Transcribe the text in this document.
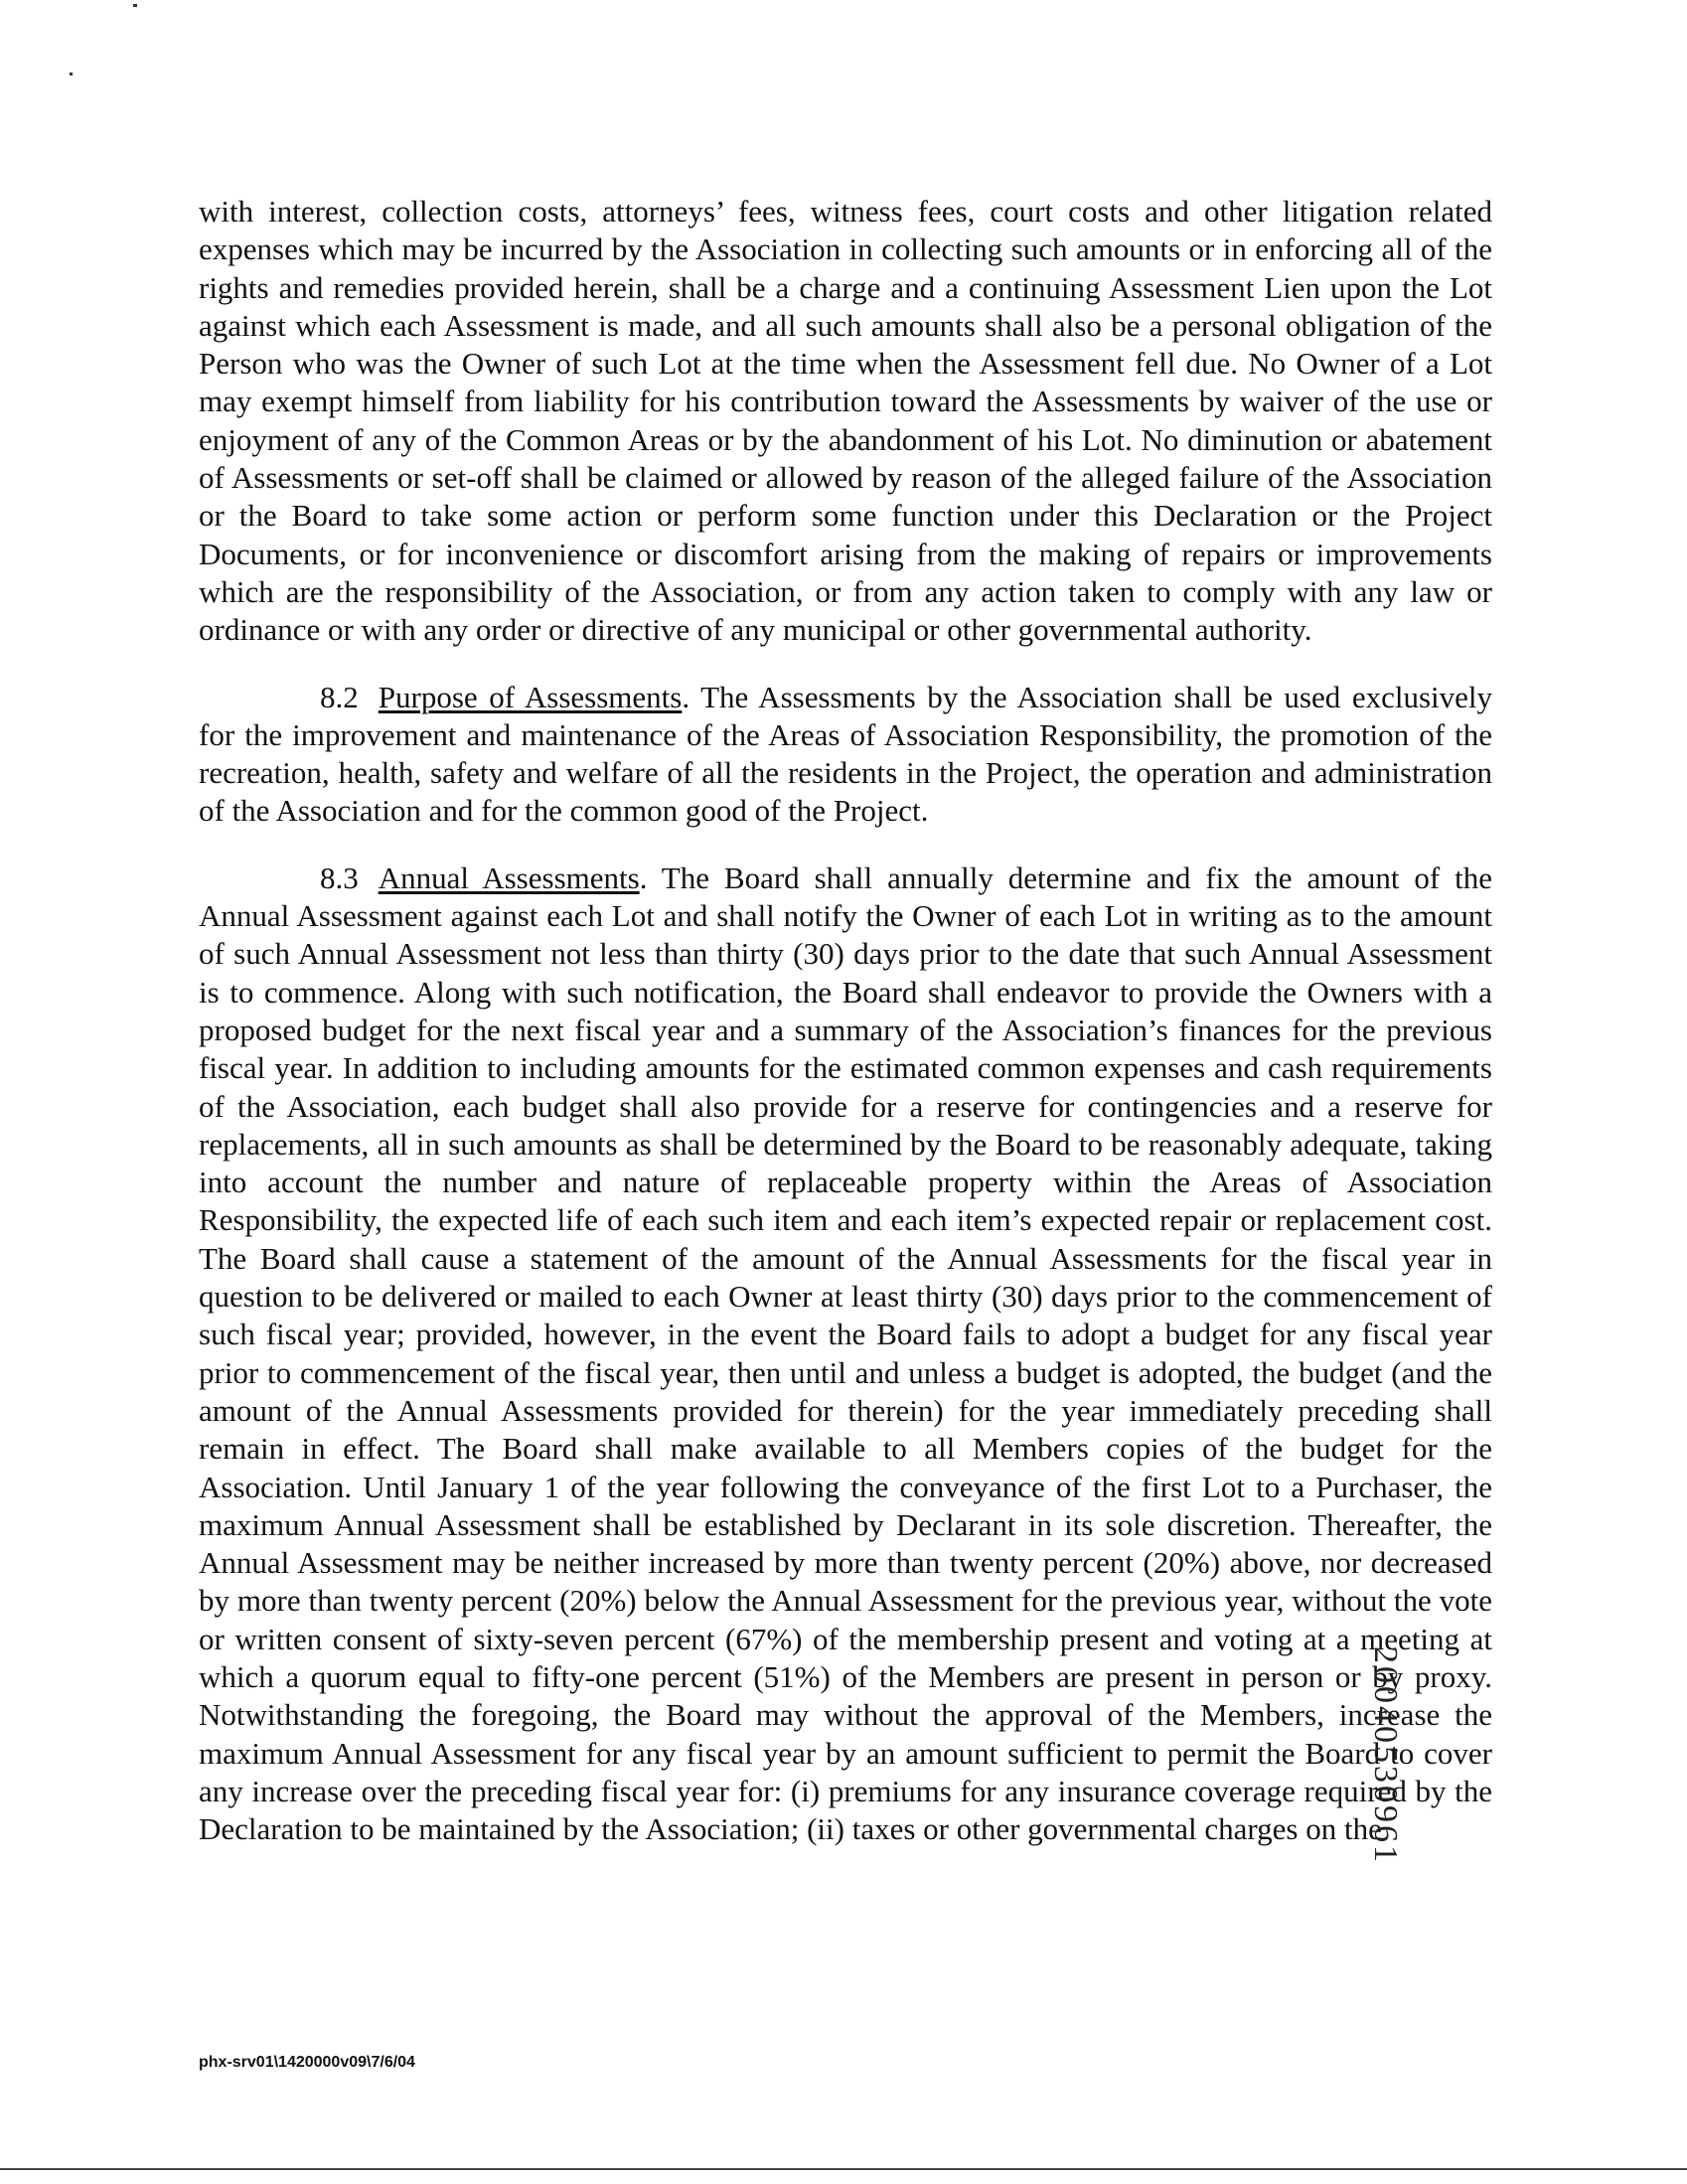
with interest, collection costs, attorneys’ fees, witness fees, court costs and other litigation related expenses which may be incurred by the Association in collecting such amounts or in enforcing all of the rights and remedies provided herein, shall be a charge and a continuing Assessment Lien upon the Lot against which each Assessment is made, and all such amounts shall also be a personal obligation of the Person who was the Owner of such Lot at the time when the Assessment fell due. No Owner of a Lot may exempt himself from liability for his contribution toward the Assessments by waiver of the use or enjoyment of any of the Common Areas or by the abandonment of his Lot. No diminution or abatement of Assessments or set-off shall be claimed or allowed by reason of the alleged failure of the Association or the Board to take some action or perform some function under this Declaration or the Project Documents, or for inconvenience or discomfort arising from the making of repairs or improvements which are the responsibility of the Association, or from any action taken to comply with any law or ordinance or with any order or directive of any municipal or other governmental authority.

8.2 Purpose of Assessments. The Assessments by the Association shall be used exclusively for the improvement and maintenance of the Areas of Association Responsibility, the promotion of the recreation, health, safety and welfare of all the residents in the Project, the operation and administration of the Association and for the common good of the Project.

8.3 Annual Assessments. The Board shall annually determine and fix the amount of the Annual Assessment against each Lot and shall notify the Owner of each Lot in writing as to the amount of such Annual Assessment not less than thirty (30) days prior to the date that such Annual Assessment is to commence. Along with such notification, the Board shall endeavor to provide the Owners with a proposed budget for the next fiscal year and a summary of the Association’s finances for the previous fiscal year. In addition to including amounts for the estimated common expenses and cash requirements of the Association, each budget shall also provide for a reserve for contingencies and a reserve for replacements, all in such amounts as shall be determined by the Board to be reasonably adequate, taking into account the number and nature of replaceable property within the Areas of Association Responsibility, the expected life of each such item and each item’s expected repair or replacement cost. The Board shall cause a statement of the amount of the Annual Assessments for the fiscal year in question to be delivered or mailed to each Owner at least thirty (30) days prior to the commencement of such fiscal year; provided, however, in the event the Board fails to adopt a budget for any fiscal year prior to commencement of the fiscal year, then until and unless a budget is adopted, the budget (and the amount of the Annual Assessments provided for therein) for the year immediately preceding shall remain in effect. The Board shall make available to all Members copies of the budget for the Association. Until January 1 of the year following the conveyance of the first Lot to a Purchaser, the maximum Annual Assessment shall be established by Declarant in its sole discretion. Thereafter, the Annual Assessment may be neither increased by more than twenty percent (20%) above, nor decreased by more than twenty percent (20%) below the Annual Assessment for the previous year, without the vote or written consent of sixty-seven percent (67%) of the membership present and voting at a meeting at which a quorum equal to fifty-one percent (51%) of the Members are present in person or by proxy. Notwithstanding the foregoing, the Board may without the approval of the Members, increase the maximum Annual Assessment for any fiscal year by an amount sufficient to permit the Board to cover any increase over the preceding fiscal year for: (i) premiums for any insurance coverage required by the Declaration to be maintained by the Association; (ii) taxes or other governmental charges on the

20040530961
phx-srv01\1420000v09\7/6/04
